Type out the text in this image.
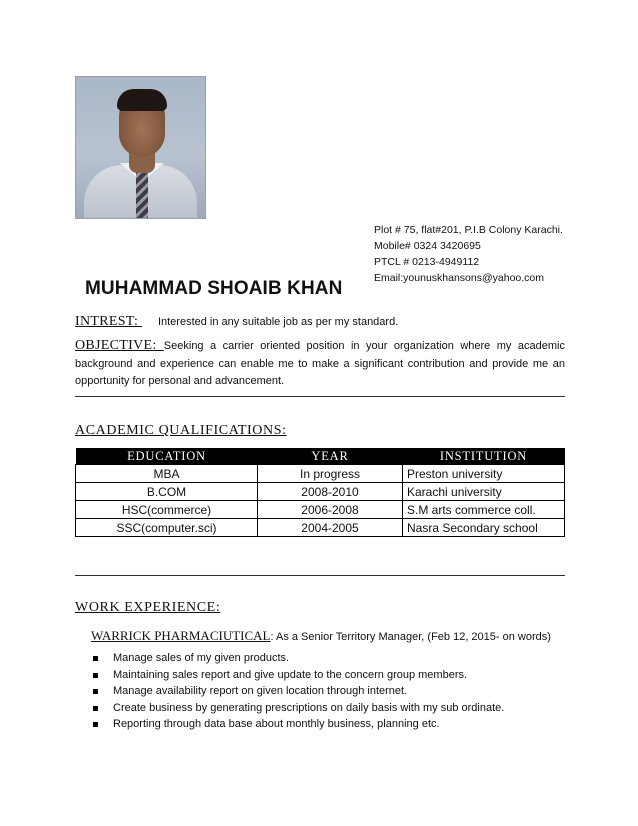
Plot # 75, flat#201, P.I.B Colony Karachi.
Mobile# 0324 3420695
PTCL # 0213-4949112
Email:younuskhansons@yahoo.com
MUHAMMAD SHOAIB KHAN
INTREST: Interested in any suitable job as per my standard.
OBJECTIVE: Seeking a carrier oriented position in your organization where my academic background and experience can enable me to make a significant contribution and provide me an opportunity for personal and advancement.
ACADEMIC QUALIFICATIONS:
EDUCATION	YEAR	INSTITUTION
MBA	In progress	Preston university
B.COM	2008-2010	Karachi university
HSC(commerce)	2006-2008	S.M arts commerce coll.
SSC(computer.sci)	2004-2005	Nasra Secondary school
WORK EXPERIENCE:
WARRICK PHARMACIUTICAL: As a Senior Territory Manager, (Feb 12, 2015- on words)
Manage sales of my given products.
Maintaining sales report and give update to the concern group members.
Manage availability report on given location through internet.
Create business by generating prescriptions on daily basis with my sub ordinate.
Reporting through data base about monthly business, planning etc.
